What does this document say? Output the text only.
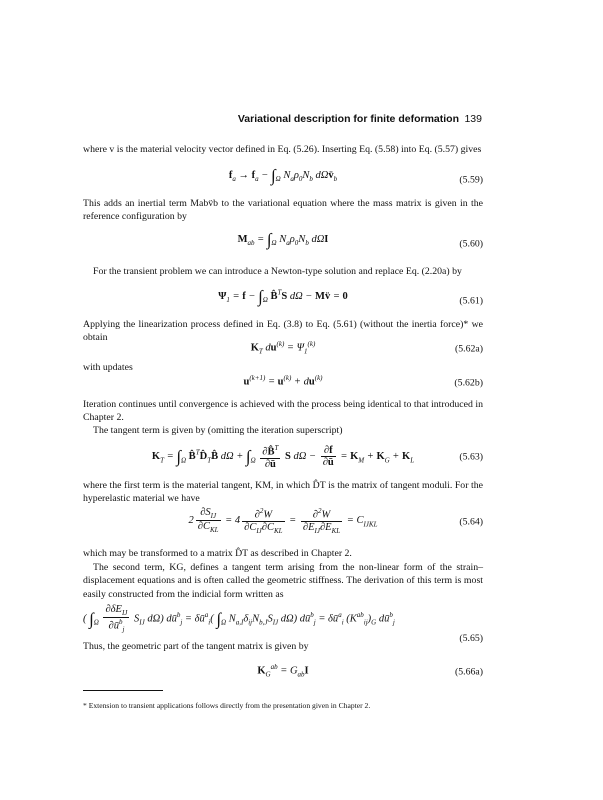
Variational description for finite deformation 139
where v is the material velocity vector defined in Eq. (5.26). Inserting Eq. (5.58) into Eq. (5.57) gives
$f_a \to f_a - \int_\Omega$ $N_a\rho_0N_b$ $d\Omega v̈_b$	(5.59)
This adds an inertial term Mabv̈b to the variational equation where the mass matrix is given in the reference configuration by
$M_{ab} = \int_\Omega$ $N_a\rho_0N_b$ dΩI	(5.60)
For the transient problem we can introduce a Newton-type solution and replace Eq. (2.20a) by
$\Psi_1 = f - \int_\Omega$ B̂$^T$S dΩ − Mv̈ = 0	(5.61)
Applying the linearization process defined in Eq. (3.8) to Eq. (5.61) (without the inertia force)* we obtain
$K_T$ $du^{(k)} = \Psi_1^{(k)}$	(5.62a)
with updates
$u^{(k+1)} = u^{(k)} + du^{(k)}$	(5.62b)
Iteration continues until convergence is achieved with the process being identical to that introduced in Chapter 2.
The tangent term is given by (omitting the iteration superscript)
$K_T = \int_\Omega$ $B̂^TD̂_TB̂$ $d\Omega + \int_\Omega \frac{\partial B̂^T}{\partial ū}$ S $d\Omega - \frac{\partial f}{\partial ū} = K_M + K_G + K_L$	(5.63)
where the first term is the material tangent, KM, in which D̂T is the matrix of tangent moduli. For the hyperelastic material we have
$2 \frac{\partial S_{IJ}}{\partial C_{KL}} = 4 \frac{\partial^2W}{\partial C_{IJ}\partial C_{KL}} = \frac{\partial^2W}{\partial E_{IJ}\partial E_{KL}} = C_{IJKL}$	(5.64)
which may be transformed to a matrix D̂T as described in Chapter 2.
The second term, KG, defines a tangent term arising from the non-linear form of the strain–displacement equations and is often called the geometric stiffness. The derivation of this term is most easily constructed from the indicial form written as
( $\int_\Omega \frac{\partial\delta E_{IJ}}{\partial ū^b_j} S_{IJ}$ dΩ) $dū^b_j$ = $\delta ū^a_i$( $\int_\Omega$ $N_{a,I}\delta_{ij}N_{b,J}S_{IJ}$ dΩ) $dū^b_j$ = $\delta ū^a_i$ $(K^{ab}_{ij})_G$ $dū^b_j$
(5.65)
Thus, the geometric part of the tangent matrix is given by
$K_G^{ab} = G_{ab}I$	(5.66a)
* Extension to transient applications follows directly from the presentation given in Chapter 2.
